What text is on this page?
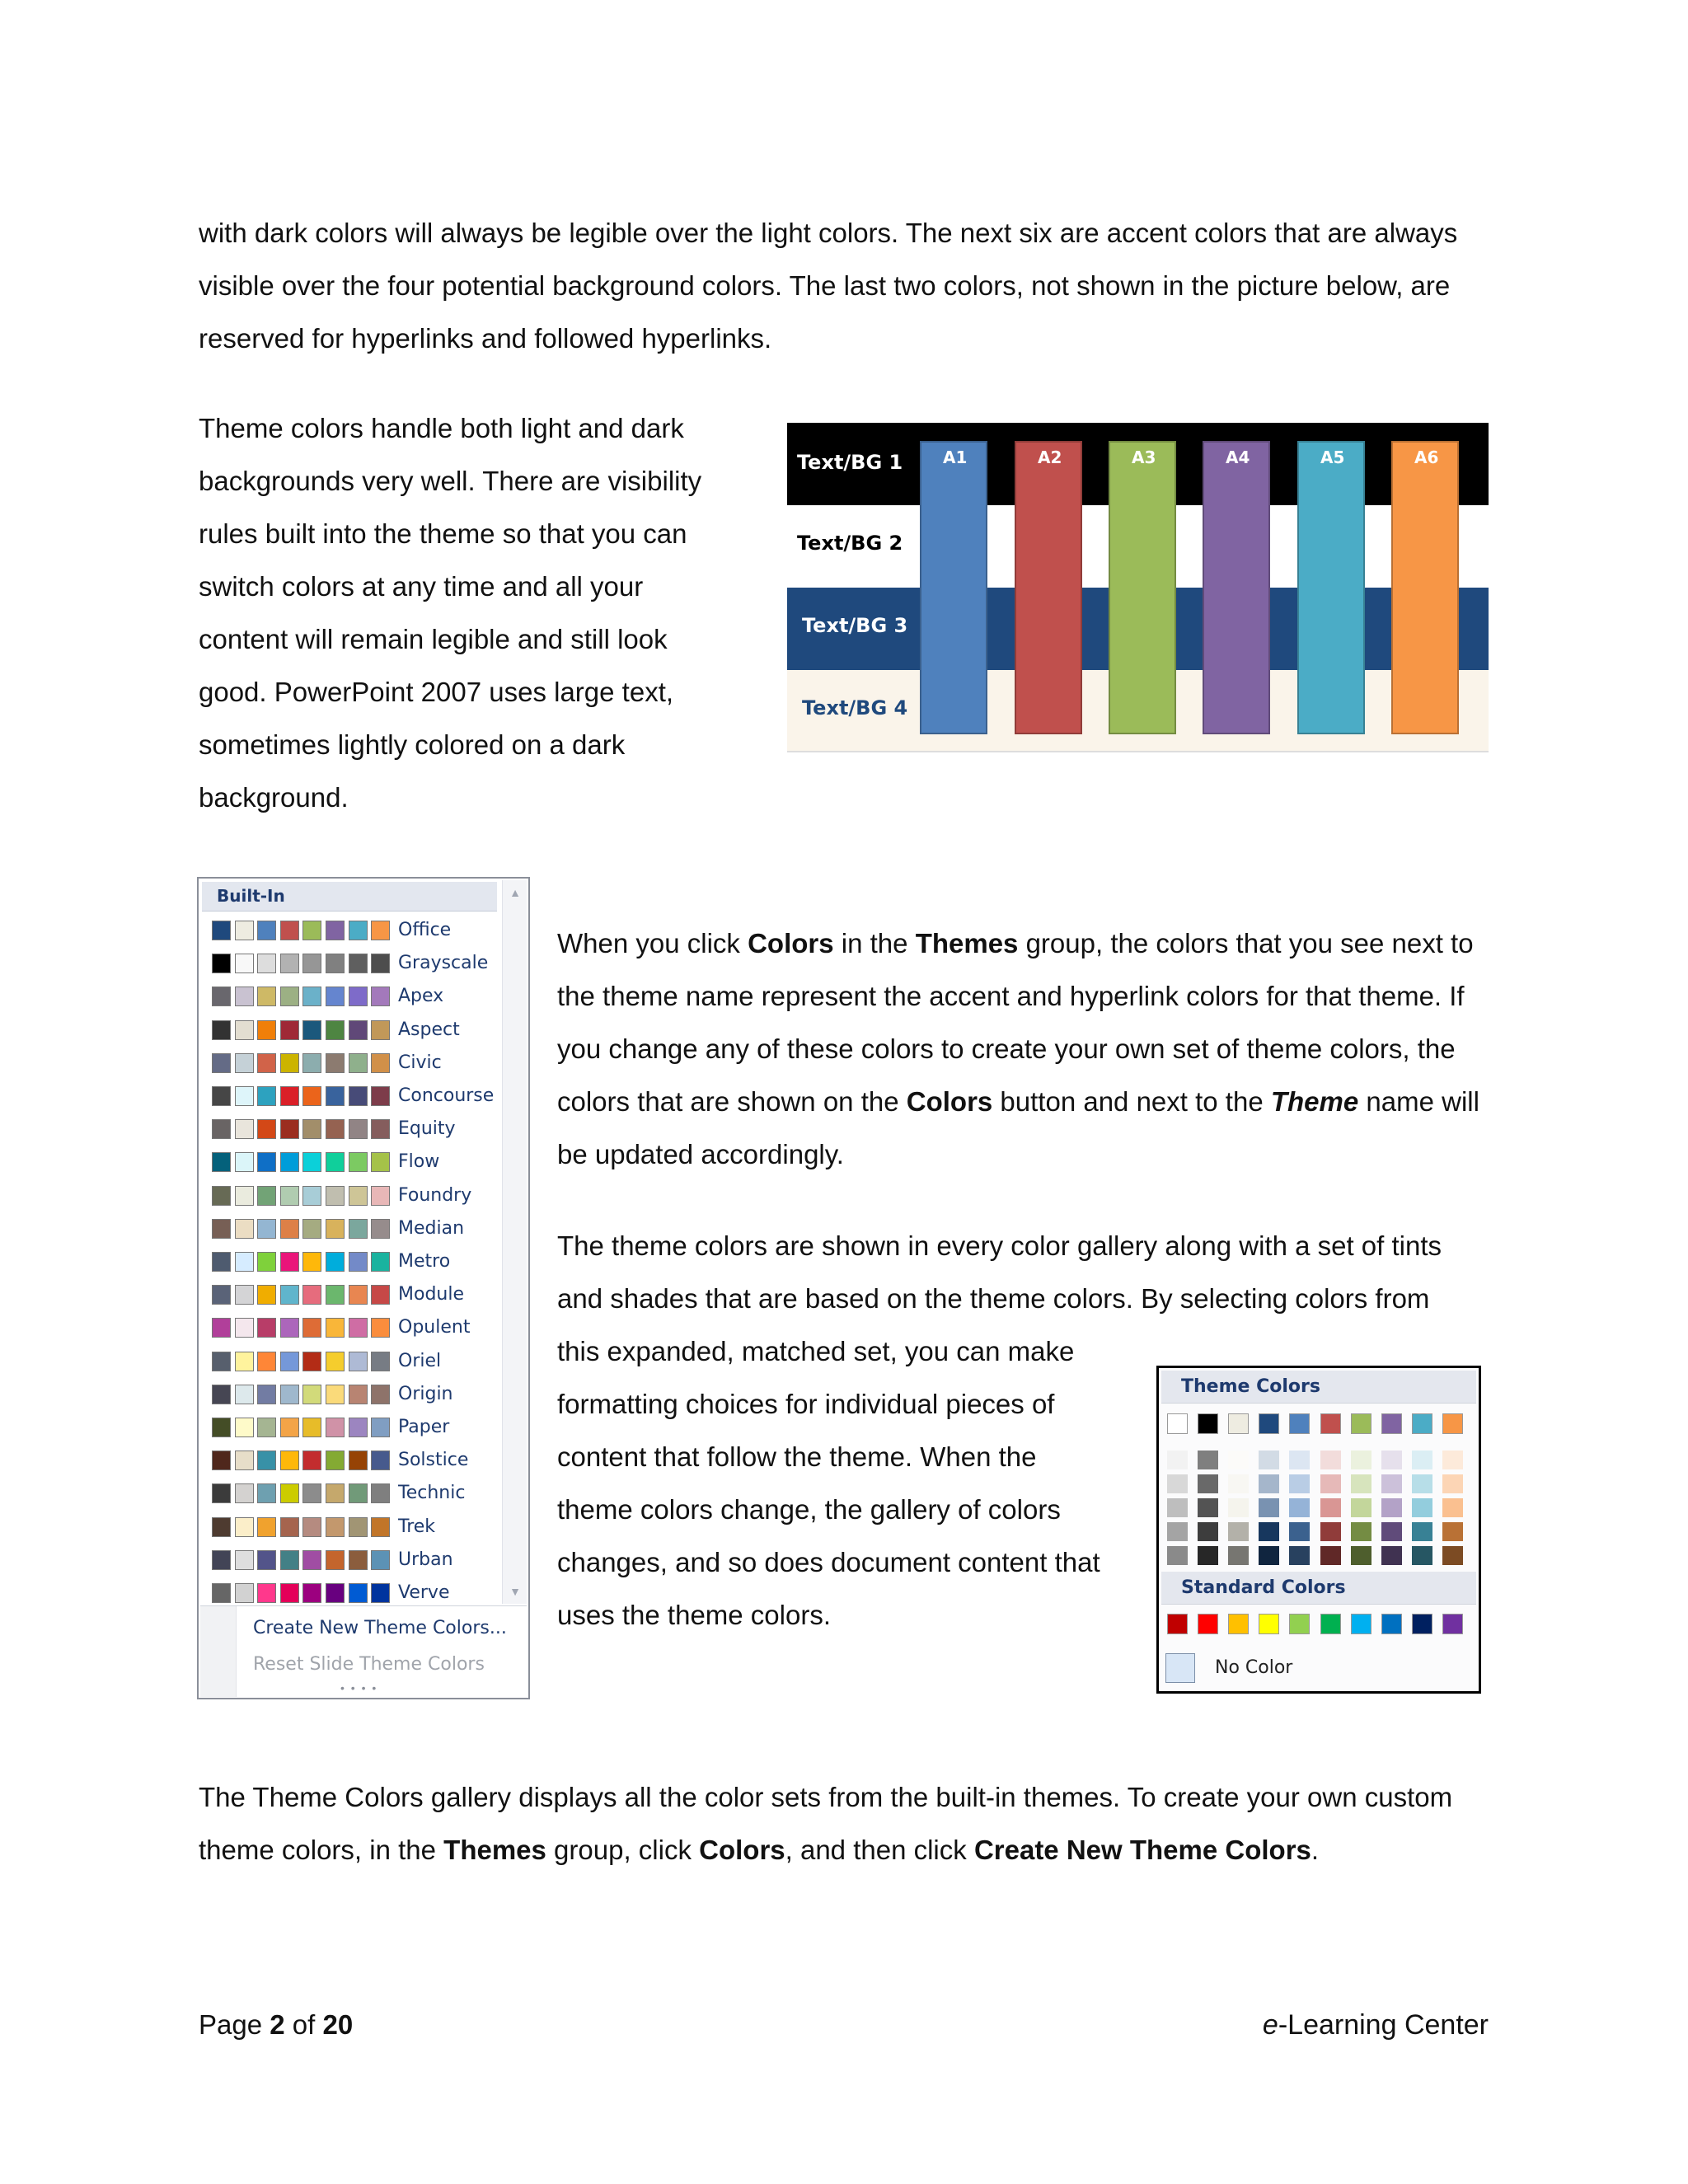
with dark colors will always be legible over the light colors. The next six are accent colors that are always visible over the four potential background colors. The last two colors, not shown in the picture below, are reserved for hyperlinks and followed hyperlinks.
Theme colors handle both light and dark backgrounds very well. There are visibility rules built into the theme so that you can switch colors at any time and all your content will remain legible and still look good. PowerPoint 2007 uses large text, sometimes lightly colored on a dark background.
Text/BG 1
Text/BG 2
Text/BG 3
Text/BG 4
A1	A2	A3	A4	A5	A6
Built-In	▲
▼
Office
Grayscale
Apex
Aspect
Civic
Concourse
Equity
Flow
Foundry
Median
Metro
Module
Opulent
Oriel
Origin
Paper
Solstice
Technic
Trek
Urban
Verve
Create New Theme Colors...
Reset Slide Theme Colors
• • • •
When you click Colors in the Themes group, the colors that you see next to the theme name represent the accent and hyperlink colors for that theme. If you change any of these colors to create your own set of theme colors, the colors that are shown on the Colors button and next to the Theme name will be updated accordingly.
The theme colors are shown in every color gallery along with a set of tints and shades that are based on the theme colors. By selecting colors from
this expanded, matched set, you can make formatting choices for individual pieces of content that follow the theme. When the theme colors change, the gallery of colors changes, and so does document content that uses the theme colors.
Theme Colors
Standard Colors
No Color
The Theme Colors gallery displays all the color sets from the built-in themes. To create your own custom theme colors, in the Themes group, click Colors, and then click Create New Theme Colors.
Page 2 of 20	e-Learning Center
